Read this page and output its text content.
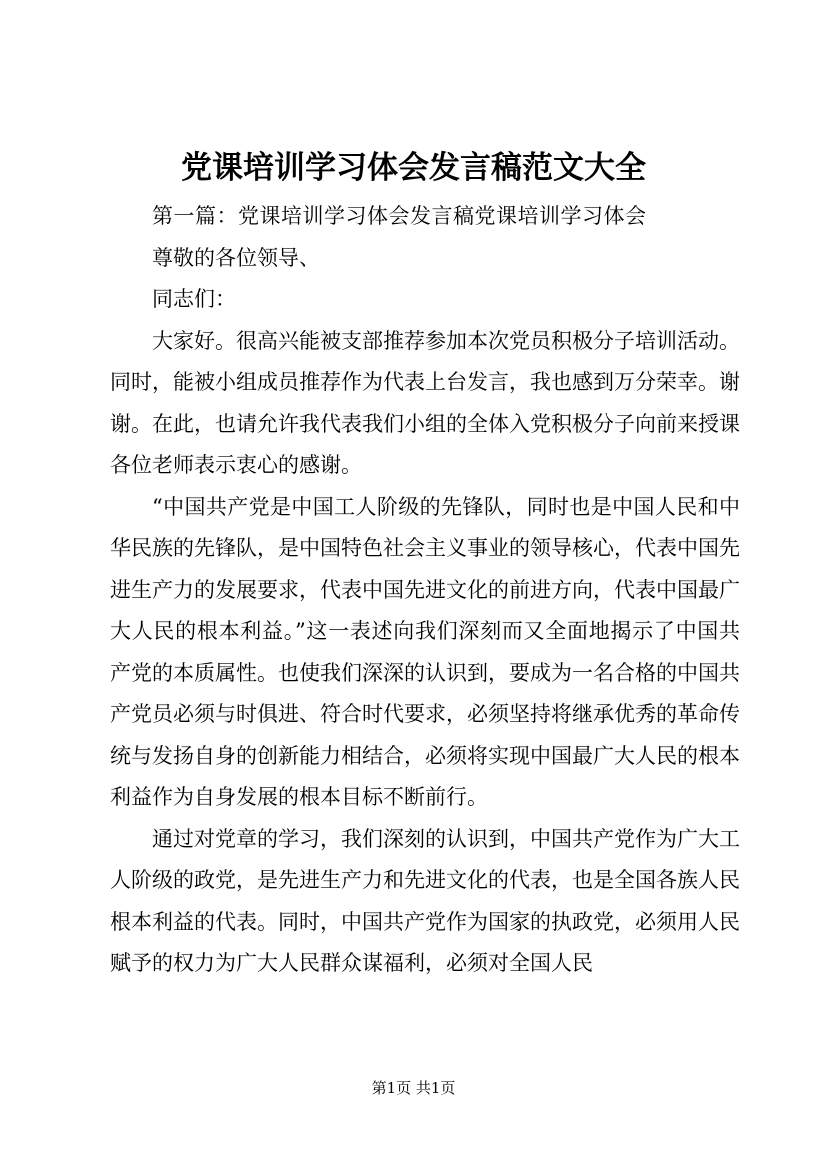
党课培训学习体会发言稿范文大全

第一篇：党课培训学习体会发言稿党课培训学习体会

尊敬的各位领导、

同志们：

大家好。很高兴能被支部推荐参加本次党员积极分子培训活动。同时，能被小组成员推荐作为代表上台发言，我也感到万分荣幸。谢谢。在此，也请允许我代表我们小组的全体入党积极分子向前来授课各位老师表示衷心的感谢。

“中国共产党是中国工人阶级的先锋队，同时也是中国人民和中华民族的先锋队，是中国特色社会主义事业的领导核心，代表中国先进生产力的发展要求，代表中国先进文化的前进方向，代表中国最广大人民的根本利益。”这一表述向我们深刻而又全面地揭示了中国共产党的本质属性。也使我们深深的认识到，要成为一名合格的中国共产党员必须与时俱进、符合时代要求，必须坚持将继承优秀的革命传统与发扬自身的创新能力相结合，必须将实现中国最广大人民的根本利益作为自身发展的根本目标不断前行。

通过对党章的学习，我们深刻的认识到，中国共产党作为广大工人阶级的政党，是先进生产力和先进文化的代表，也是全国各族人民根本利益的代表。同时，中国共产党作为国家的执政党，必须用人民赋予的权力为广大人民群众谋福利，必须对全国人民

第1页 共1页
